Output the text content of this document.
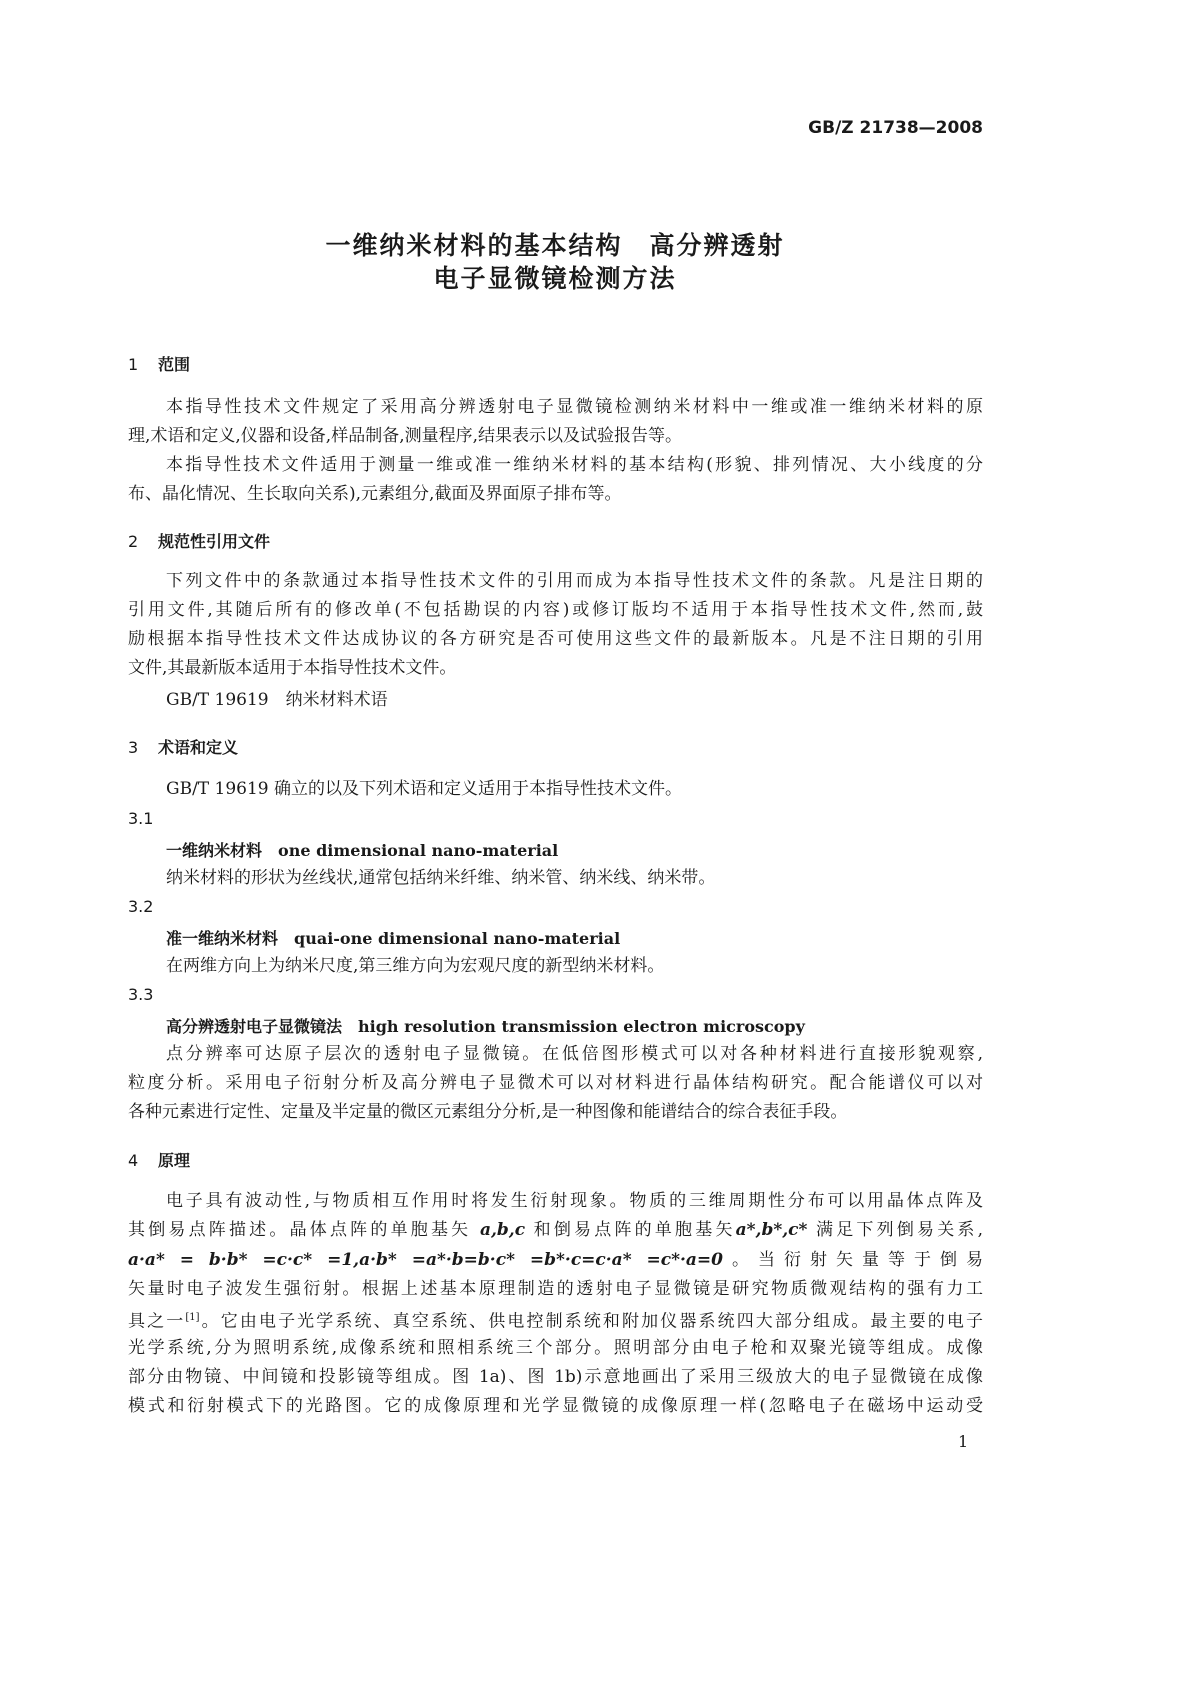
GB/Z 21738—2008
一维纳米材料的基本结构　高分辨透射
电子显微镜检测方法
1 范围
本指导性技术文件规定了采用高分辨透射电子显微镜检测纳米材料中一维或准一维纳米材料的原
理,术语和定义,仪器和设备,样品制备,测量程序,结果表示以及试验报告等。
本指导性技术文件适用于测量一维或准一维纳米材料的基本结构(形貌、排列情况、大小线度的分
布、晶化情况、生长取向关系),元素组分,截面及界面原子排布等。
2 规范性引用文件
下列文件中的条款通过本指导性技术文件的引用而成为本指导性技术文件的条款。凡是注日期的
引用文件,其随后所有的修改单(不包括勘误的内容)或修订版均不适用于本指导性技术文件,然而,鼓
励根据本指导性技术文件达成协议的各方研究是否可使用这些文件的最新版本。凡是不注日期的引用
文件,其最新版本适用于本指导性技术文件。
GB/T 19619　纳米材料术语
3 术语和定义
GB/T 19619 确立的以及下列术语和定义适用于本指导性技术文件。
3.1
一维纳米材料 one dimensional nano-material
纳米材料的形状为丝线状,通常包括纳米纤维、纳米管、纳米线、纳米带。
3.2
准一维纳米材料 quai-one dimensional nano-material
在两维方向上为纳米尺度,第三维方向为宏观尺度的新型纳米材料。
3.3
高分辨透射电子显微镜法 high resolution transmission electron microscopy
点分辨率可达原子层次的透射电子显微镜。在低倍图形模式可以对各种材料进行直接形貌观察,
粒度分析。采用电子衍射分析及高分辨电子显微术可以对材料进行晶体结构研究。配合能谱仪可以对
各种元素进行定性、定量及半定量的微区元素组分分析,是一种图像和能谱结合的综合表征手段。
4 原理
电子具有波动性,与物质相互作用时将发生衍射现象。物质的三维周期性分布可以用晶体点阵及
其倒易点阵描述。晶体点阵的单胞基矢 a,b,c 和倒易点阵的单胞基矢a*,b*,c* 满足下列倒易关系,
a·a* = b·b* =c·c* =1,a·b* =a*·b=b·c* =b*·c=c·a* =c*·a=0。当衍射矢量等于倒易
矢量时电子波发生强衍射。根据上述基本原理制造的透射电子显微镜是研究物质微观结构的强有力工
具之一[1]。它由电子光学系统、真空系统、供电控制系统和附加仪器系统四大部分组成。最主要的电子
光学系统,分为照明系统,成像系统和照相系统三个部分。照明部分由电子枪和双聚光镜等组成。成像
部分由物镜、中间镜和投影镜等组成。图 1a)、图 1b)示意地画出了采用三级放大的电子显微镜在成像
模式和衍射模式下的光路图。它的成像原理和光学显微镜的成像原理一样(忽略电子在磁场中运动受
1
